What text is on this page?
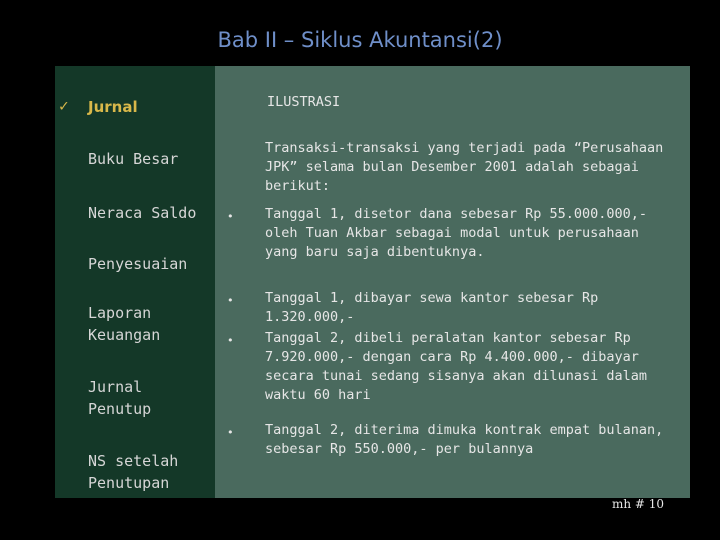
Bab II – Siklus Akuntansi(2)
✓ Jurnal
Buku Besar
Neraca Saldo
Penyesuaian
Laporan
Keuangan
Jurnal
Penutup
NS setelah
Penutupan
ILUSTRASI
Transaksi-transaksi yang terjadi pada “Perusahaan JPK” selama bulan Desember 2001 adalah sebagai berikut:
• Tanggal 1, disetor dana sebesar Rp 55.000.000,- oleh Tuan Akbar sebagai modal untuk perusahaan yang baru saja dibentuknya.
• Tanggal 1, dibayar sewa kantor sebesar Rp 1.320.000,-
• Tanggal 2, dibeli peralatan kantor sebesar Rp 7.920.000,- dengan cara Rp 4.400.000,- dibayar secara tunai sedang sisanya akan dilunasi dalam waktu 60 hari
• Tanggal 2, diterima dimuka kontrak empat bulanan, sebesar Rp 550.000,- per bulannya
mh # 10
